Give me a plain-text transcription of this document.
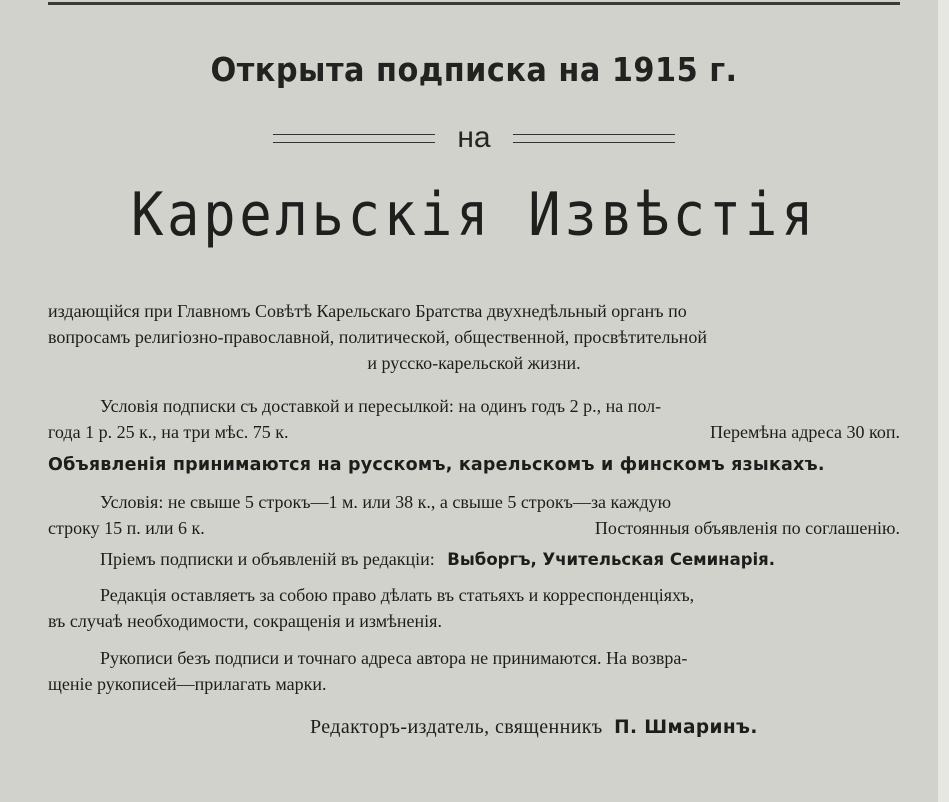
Открыта подписка на 1915 г.
на
Карельскія Извѣстія
издающійся при Главномъ Совѣтѣ Карельскаго Братства двухнедѣльный органъ по
вопросамъ религіозно-православной, политической, общественной, просвѣтительной
и русско-карельской жизни.
Условія подписки съ доставкой и пересылкой: на одинъ годъ 2 р., на пол-
года 1 р. 25 к., на три мѣс. 75 к.	Перемѣна адреса 30 коп.
Объявленія принимаются на русскомъ, карельскомъ и финскомъ языкахъ.
Условія: не свыше 5 строкъ—1 м. или 38 к., а свыше 5 строкъ—за каждую
строку 15 п. или 6 к.	Постоянныя объявленія по соглашенію.
Пріемъ подписки и объявленій въ редакціи: Выборгъ, Учительская Семинарія.
Редакція оставляетъ за собою право дѣлать въ статьяхъ и корреспонденціяхъ,
въ случаѣ необходимости, сокращенія и измѣненія.
Рукописи безъ подписи и точнаго адреса автора не принимаются. На возвра-
щеніе рукописей—прилагать марки.
Редакторъ-издатель, священникъ П. Шмаринъ.
